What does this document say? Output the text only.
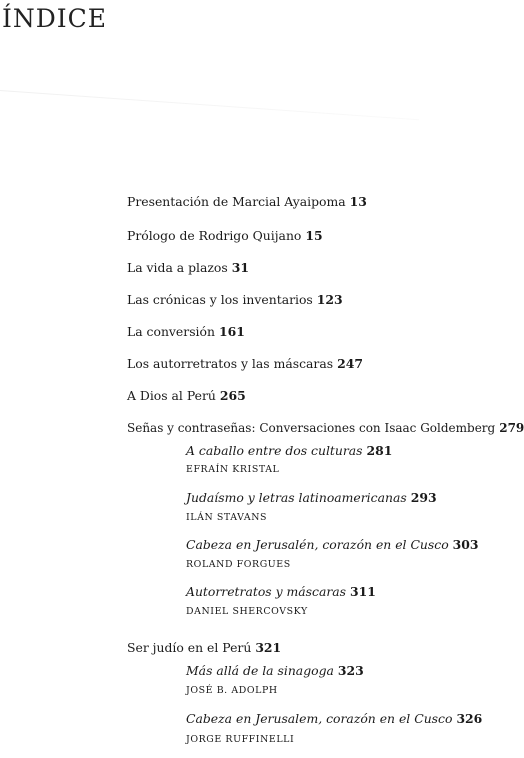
ÍNDICE
Presentación de Marcial Ayaipoma 13
Prólogo de Rodrigo Quijano 15
La vida a plazos 31
Las crónicas y los inventarios 123
La conversión 161
Los autorretratos y las máscaras 247
A Dios al Perú 265
Señas y contraseñas: Conversaciones con Isaac Goldemberg 279
A caballo entre dos culturas 281
EFRAÍN KRISTAL
Judaísmo y letras latinoamericanas 293
ILÁN STAVANS
Cabeza en Jerusalén, corazón en el Cusco 303
ROLAND FORGUES
Autorretratos y máscaras 311
DANIEL SHERCOVSKY
Ser judío en el Perú 321
Más allá de la sinagoga 323
JOSÉ B. ADOLPH
Cabeza en Jerusalem, corazón en el Cusco 326
JORGE RUFFINELLI
